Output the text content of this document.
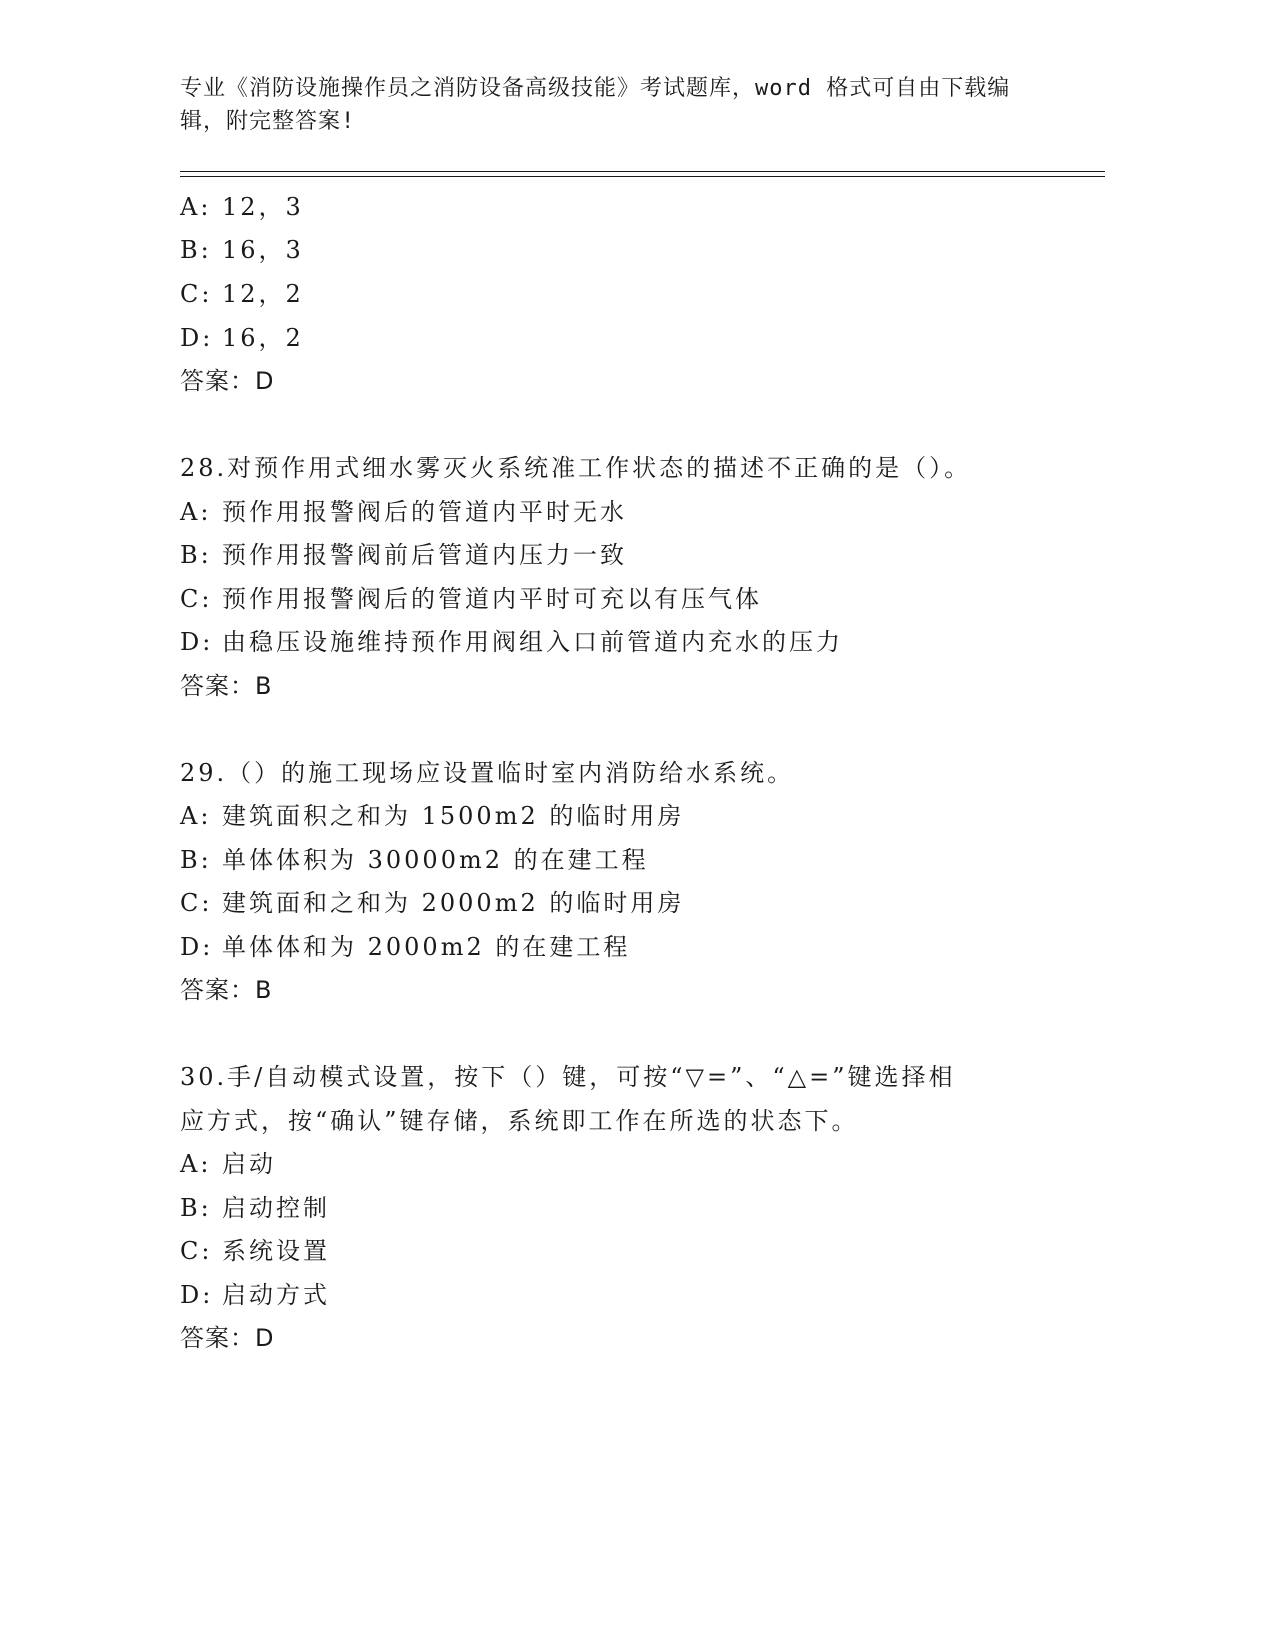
专业《消防设施操作员之消防设备高级技能》考试题库，word 格式可自由下载编
辑，附完整答案!
A: 12，3
B: 16，3
C: 12，2
D: 16，2
答案：D
28.对预作用式细水雾灭火系统准工作状态的描述不正确的是（）。
A: 预作用报警阀后的管道内平时无水
B: 预作用报警阀前后管道内压力一致
C: 预作用报警阀后的管道内平时可充以有压气体
D: 由稳压设施维持预作用阀组入口前管道内充水的压力
答案：B
29.（）的施工现场应设置临时室内消防给水系统。
A: 建筑面积之和为 1500m2 的临时用房
B: 单体体积为 30000m2 的在建工程
C: 建筑面和之和为 2000m2 的临时用房
D: 单体体和为 2000m2 的在建工程
答案：B
30.手/自动模式设置，按下（）键，可按“▽=”、“△=”键选择相
应方式，按“确认”键存储，系统即工作在所选的状态下。
A: 启动
B: 启动控制
C: 系统设置
D: 启动方式
答案：D
